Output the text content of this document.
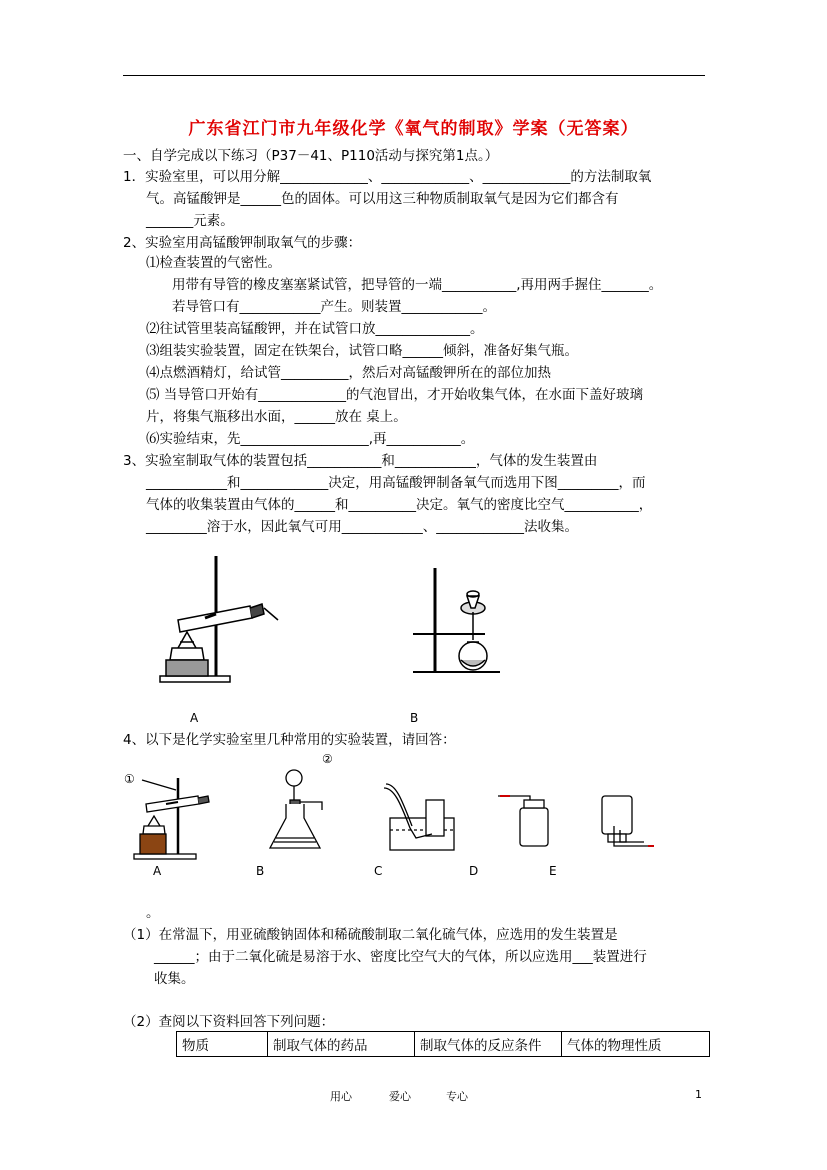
广东省江门市九年级化学《氧气的制取》学案（无答案）
一、自学完成以下练习（P37－41、P110活动与探究第1点。）
1．实验室里，可以用分解_____________、_____________、_____________的方法制取氧
气。高锰酸钾是______色的固体。可以用这三种物质制取氧气是因为它们都含有
_______元素。
2、实验室用高锰酸钾制取氧气的步骤：
⑴检查装置的气密性。
用带有导管的橡皮塞塞紧试管，把导管的一端___________,再用两手握住_______。
若导管口有____________产生。则装置____________。
⑵往试管里装高锰酸钾，并在试管口放______________。
⑶组装实验装置，固定在铁架台，试管口略______倾斜，准备好集气瓶。
⑷点燃酒精灯，给试管__________，然后对高锰酸钾所在的部位加热
⑸ 当导管口开始有_____________的气泡冒出，才开始收集气体，在水面下盖好玻璃
片，将集气瓶移出水面，______放在 桌上。
⑹实验结束，先___________________,再___________。
3、实验室制取气体的装置包括___________和____________，气体的发生装置由
____________和_____________决定，用高锰酸钾制备氧气而选用下图_________，而
气体的收集装置由气体的______和__________决定。氧气的密度比空气___________，
_________溶于水，因此氧气可用____________、_____________法收集。
A	B
4、以下是化学实验室里几种常用的实验装置，请回答：
①
②
A	B	C	D	E
。
（1）在常温下，用亚硫酸钠固体和稀硫酸制取二氧化硫气体，应选用的发生装置是
______；由于二氧化硫是易溶于水、密度比空气大的气体，所以应选用___装置进行
收集。
（2）查阅以下资料回答下列问题：
物质	制取气体的药品	制取气体的反应条件	气体的物理性质
用心	爱心	专心	1
